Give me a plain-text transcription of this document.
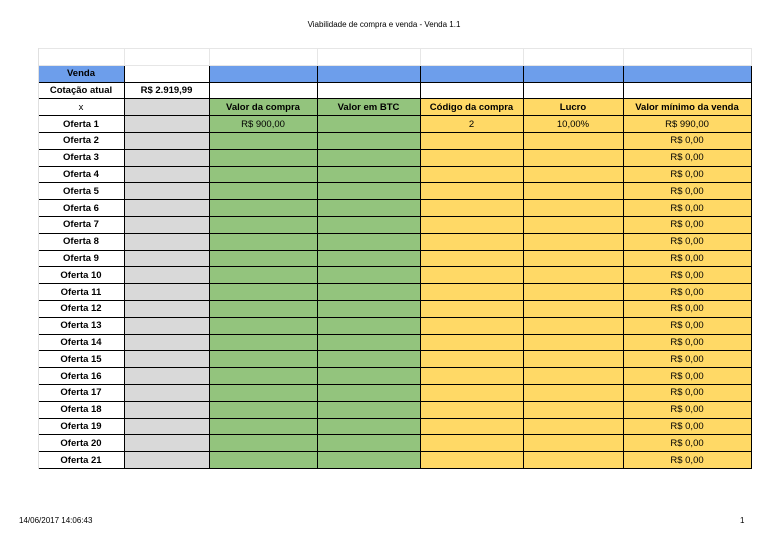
Viabilidade de compra e venda - Venda 1.1

	Venda						
	Cotação atual	R$ 2.919,99					
	x		Valor da compra	Valor em BTC	Código da compra	Lucro	Valor mínimo da venda
	Oferta 1		R$ 900,00		2	10,00%	R$ 990,00
	Oferta 2						R$ 0,00
	Oferta 3						R$ 0,00
	Oferta 4						R$ 0,00
	Oferta 5						R$ 0,00
	Oferta 6						R$ 0,00
	Oferta 7						R$ 0,00
	Oferta 8						R$ 0,00
	Oferta 9						R$ 0,00
	Oferta 10						R$ 0,00
	Oferta 11						R$ 0,00
	Oferta 12						R$ 0,00
	Oferta 13						R$ 0,00
	Oferta 14						R$ 0,00
	Oferta 15						R$ 0,00
	Oferta 16						R$ 0,00
	Oferta 17						R$ 0,00
	Oferta 18						R$ 0,00
	Oferta 19						R$ 0,00
	Oferta 20						R$ 0,00
	Oferta 21						R$ 0,00
14/06/2017 14:06:43	1
